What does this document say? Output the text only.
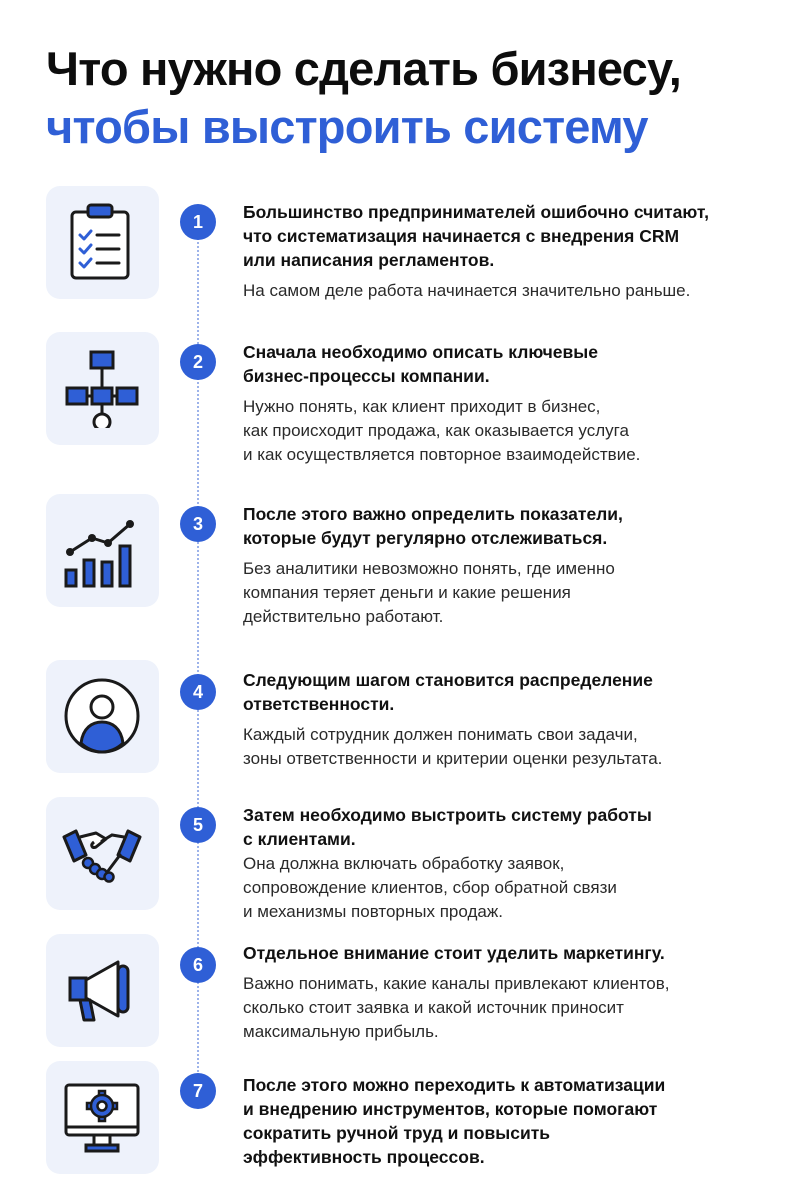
Что нужно сделать бизнесу,
чтобы выстроить систему
1	Большинство предпринимателей ошибочно считают,
что систематизация начинается с внедрения CRM
или написания регламентов.
На самом деле работа начинается значительно раньше.
2	Сначала необходимо описать ключевые
бизнес-процессы компании.
Нужно понять, как клиент приходит в бизнес,
как происходит продажа, как оказывается услуга
и как осуществляется повторное взаимодействие.
3	После этого важно определить показатели,
которые будут регулярно отслеживаться.
Без аналитики невозможно понять, где именно
компания теряет деньги и какие решения
действительно работают.
4
Следующим шагом становится распределение
ответственности.
Каждый сотрудник должен понимать свои задачи,
зоны ответственности и критерии оценки результата.
5	Затем необходимо выстроить систему работы
с клиентами.
Она должна включать обработку заявок,
сопровождение клиентов, сбор обратной связи
и механизмы повторных продаж.
6
Отдельное внимание стоит уделить маркетингу.
Важно понимать, какие каналы привлекают клиентов,
сколько стоит заявка и какой источник приносит
максимальную прибыль.
7	После этого можно переходить к автоматизации
и внедрению инструментов, которые помогают
сократить ручной труд и повысить
эффективность процессов.
